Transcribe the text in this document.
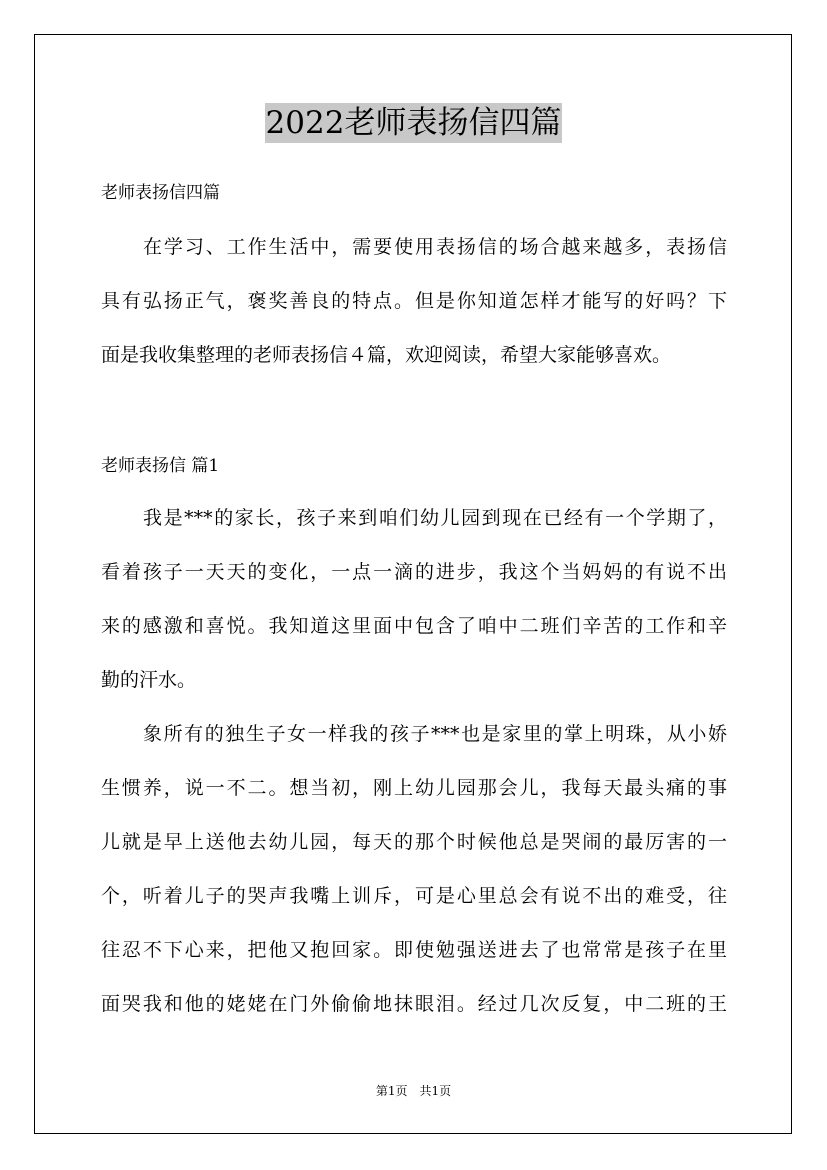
2022老师表扬信四篇
老师表扬信四篇
在学习、工作生活中，需要使用表扬信的场合越来越多，表扬信
具有弘扬正气，褒奖善良的特点。但是你知道怎样才能写的好吗？下
面是我收集整理的老师表扬信４篇，欢迎阅读，希望大家能够喜欢。
老师表扬信 篇1
我是***的家长，孩子来到咱们幼儿园到现在已经有一个学期了，
看着孩子一天天的变化，一点一滴的进步，我这个当妈妈的有说不出
来的感激和喜悦。我知道这里面中包含了咱中二班们辛苦的工作和辛
勤的汗水。
象所有的独生子女一样我的孩子***也是家里的掌上明珠，从小娇
生惯养，说一不二。想当初，刚上幼儿园那会儿，我每天最头痛的事
儿就是早上送他去幼儿园，每天的那个时候他总是哭闹的最厉害的一
个，听着儿子的哭声我嘴上训斥，可是心里总会有说不出的难受，往
往忍不下心来，把他又抱回家。即使勉强送进去了也常常是孩子在里
面哭我和他的姥姥在门外偷偷地抹眼泪。经过几次反复，中二班的王
第1页 共1页
